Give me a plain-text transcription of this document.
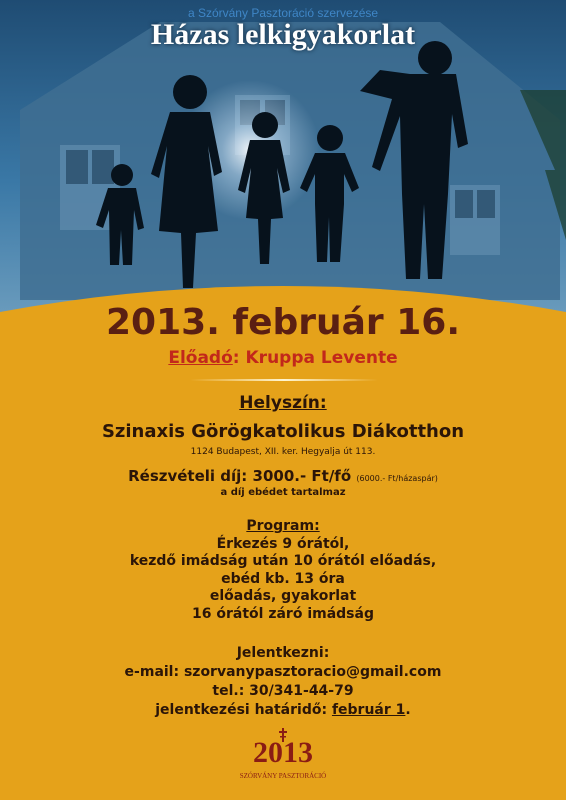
a Szórvány Pasztoráció szervezése
Házas lelkigyakorlat
2013. február 16.
Előadó: Kruppa Levente
Helyszín:
Szinaxis Görögkatolikus Diákotthon
1124 Budapest, XII. ker. Hegyalja út 113.
Részvételi díj: 3000.- Ft/fő (6000.- Ft/házaspár)
a díj ebédet tartalmaz
Program:
Érkezés 9 órától,
kezdő imádság után 10 órától előadás,
ebéd kb. 13 óra
előadás, gyakorlat
16 órától záró imádság
Jelentkezni:
e-mail: szorvanypasztoracio@gmail.com
tel.: 30/341-44-79
jelentkezési határidő: február 1.
2013
SZÓRVÁNY PASZTORÁCIÓ
